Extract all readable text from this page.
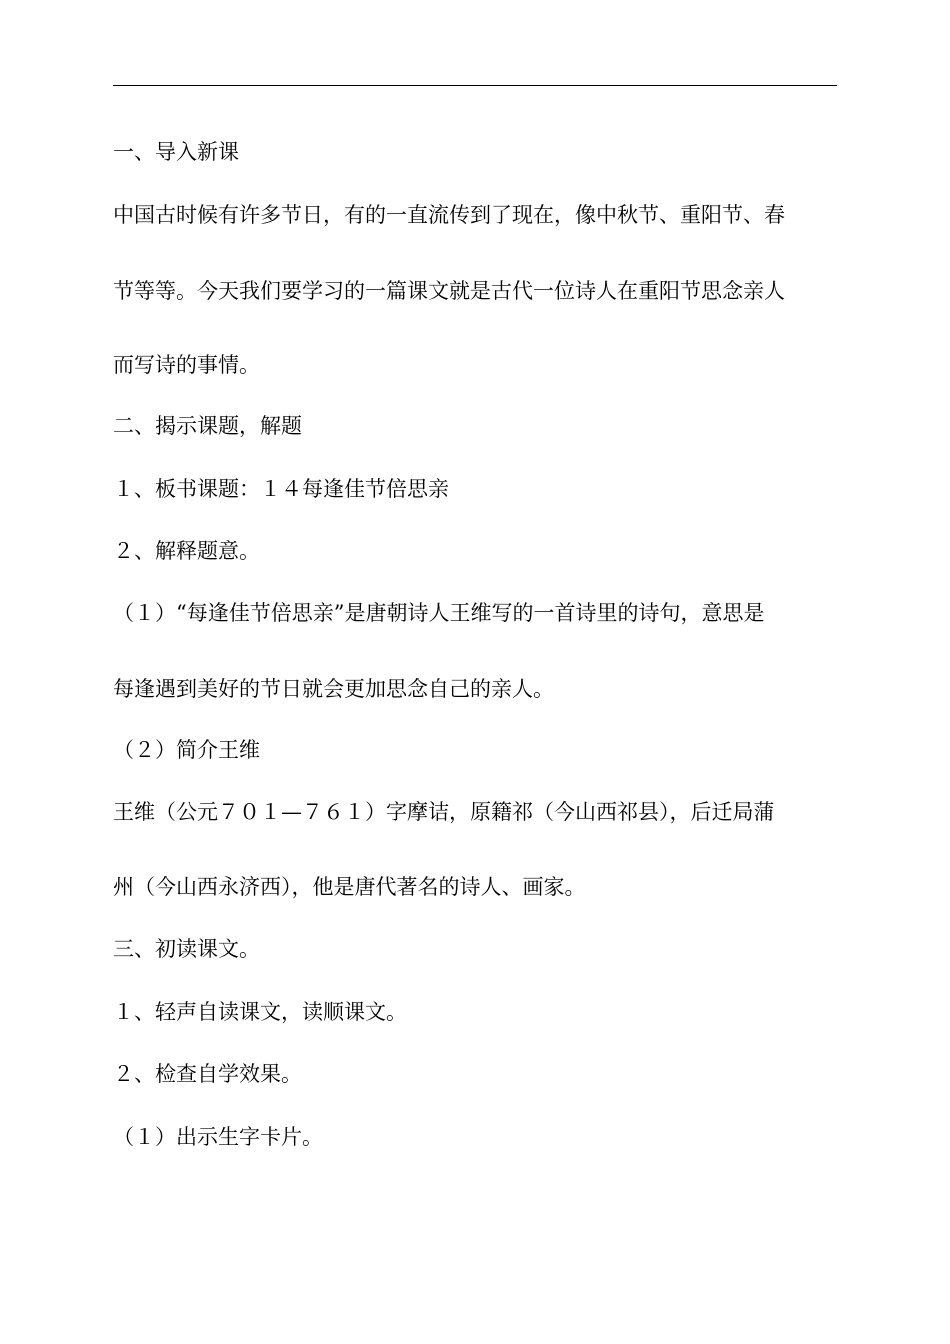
一、导入新课
中国古时候有许多节日，有的一直流传到了现在，像中秋节、重阳节、春
节等等。今天我们要学习的一篇课文就是古代一位诗人在重阳节思念亲人
而写诗的事情。
二、揭示课题，解题
１、板书课题：１４每逢佳节倍思亲
２、解释题意。
（１）“每逢佳节倍思亲”是唐朝诗人王维写的一首诗里的诗句，意思是
每逢遇到美好的节日就会更加思念自己的亲人。
（２）简介王维
王维（公元７０１—７６１）字摩诘，原籍祁（今山西祁县），后迁局蒲
州（今山西永济西），他是唐代著名的诗人、画家。
三、初读课文。
１、轻声自读课文，读顺课文。
２、检查自学效果。
（１）出示生字卡片。
